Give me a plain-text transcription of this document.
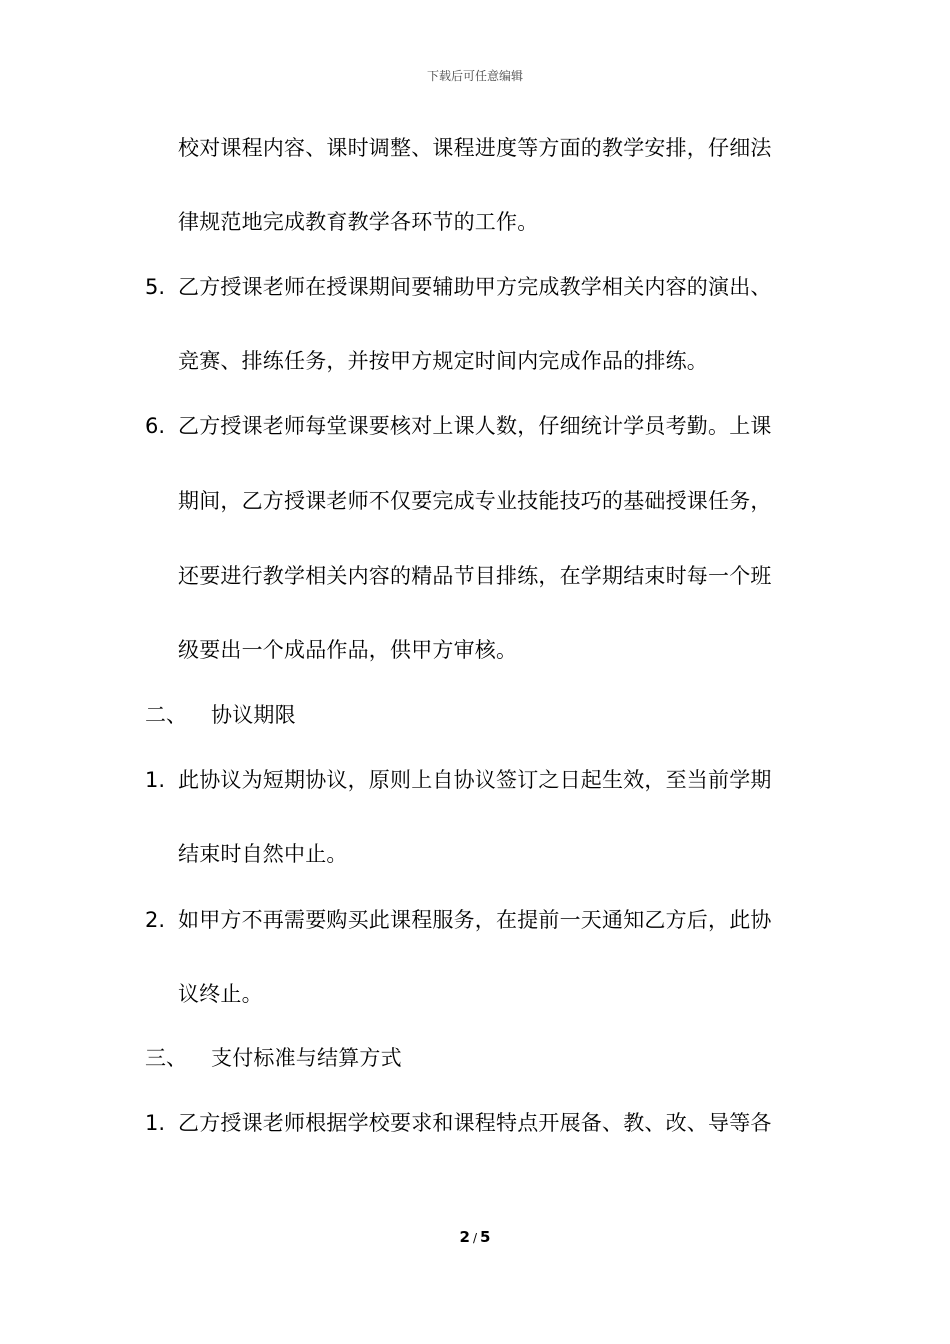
下载后可任意编辑
校对课程内容、课时调整、课程进度等方面的教学安排，仔细法
律规范地完成教育教学各环节的工作。
5. 乙方授课老师在授课期间要辅助甲方完成教学相关内容的演出、
竞赛、排练任务，并按甲方规定时间内完成作品的排练。
6. 乙方授课老师每堂课要核对上课人数，仔细统计学员考勤。上课
期间，乙方授课老师不仅要完成专业技能技巧的基础授课任务，
还要进行教学相关内容的精品节目排练，在学期结束时每一个班
级要出一个成品作品，供甲方审核。
二、 协议期限
1. 此协议为短期协议，原则上自协议签订之日起生效，至当前学期
结束时自然中止。
2. 如甲方不再需要购买此课程服务，在提前一天通知乙方后，此协
议终止。
三、 支付标准与结算方式
1. 乙方授课老师根据学校要求和课程特点开展备、教、改、导等各
2 / 5
